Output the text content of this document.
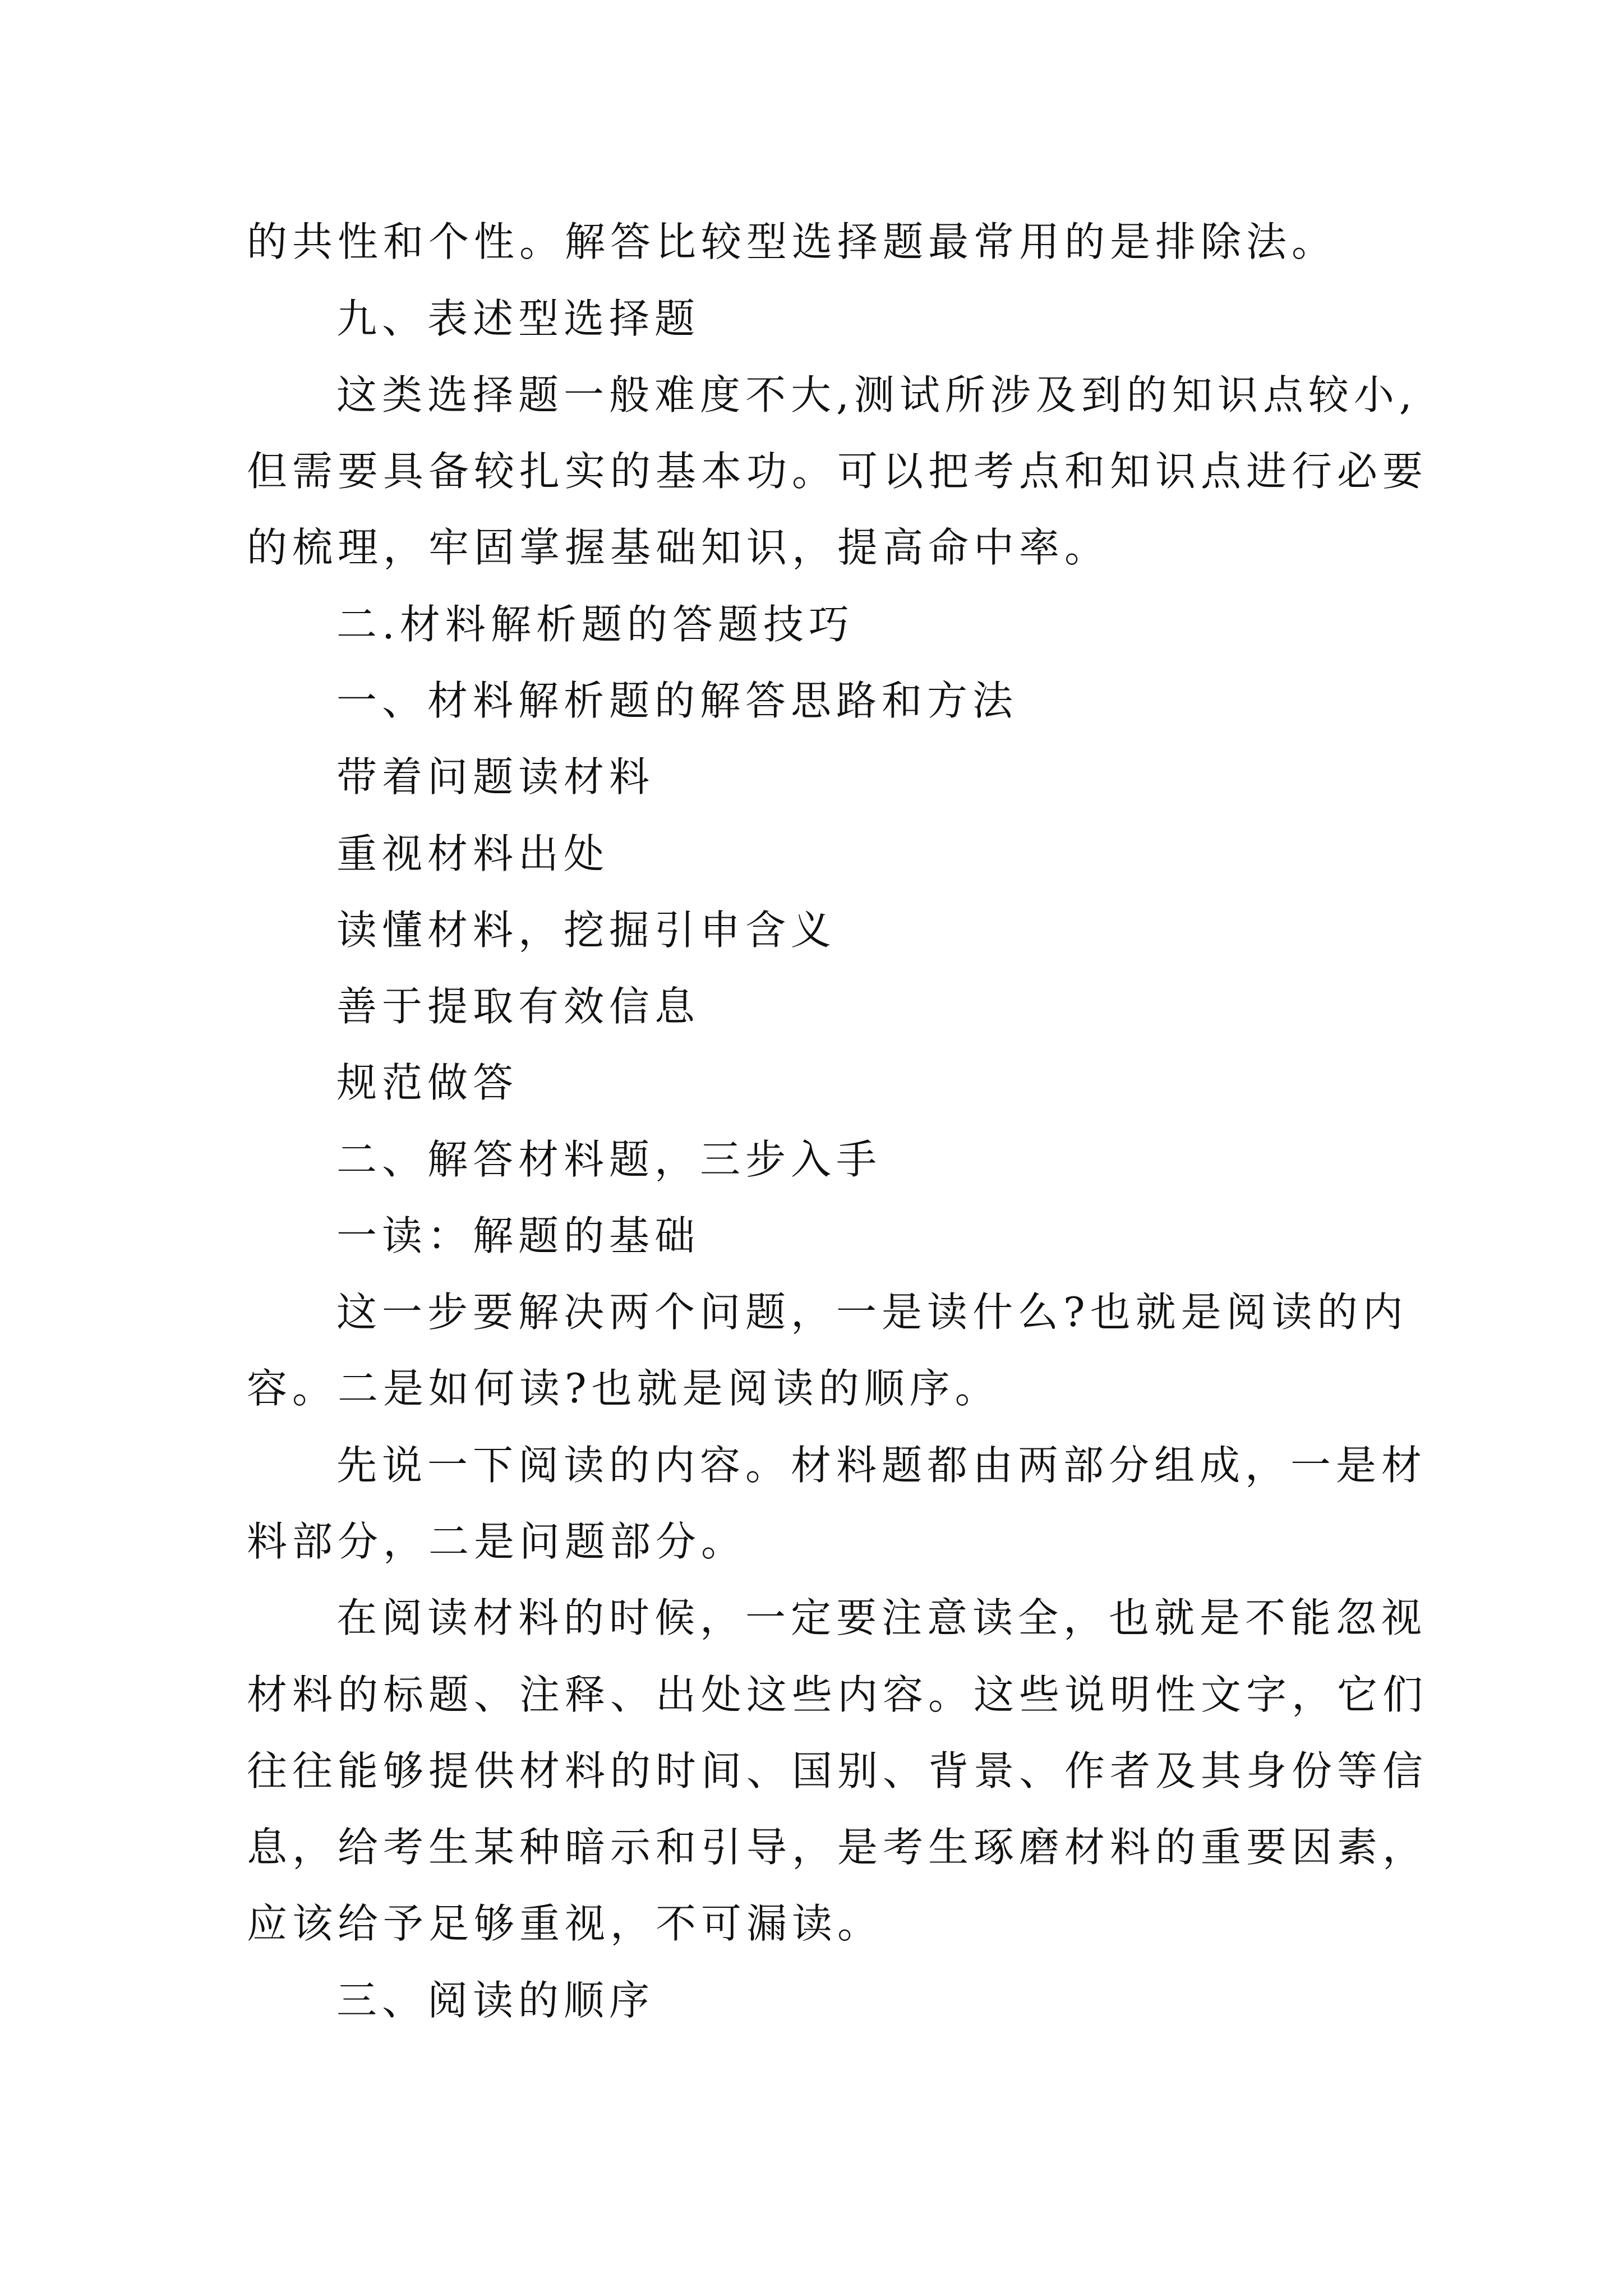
的共性和个性。解答比较型选择题最常用的是排除法。
九、表述型选择题
这类选择题一般难度不大,测试所涉及到的知识点较小,
但需要具备较扎实的基本功。可以把考点和知识点进行必要
的梳理，牢固掌握基础知识，提高命中率。
二.材料解析题的答题技巧
一、材料解析题的解答思路和方法
带着问题读材料
重视材料出处
读懂材料，挖掘引申含义
善于提取有效信息
规范做答
二、解答材料题，三步入手
一读：解题的基础
这一步要解决两个问题，一是读什么?也就是阅读的内
容。二是如何读?也就是阅读的顺序。
先说一下阅读的内容。材料题都由两部分组成，一是材
料部分，二是问题部分。
在阅读材料的时候，一定要注意读全，也就是不能忽视
材料的标题、注释、出处这些内容。这些说明性文字，它们
往往能够提供材料的时间、国别、背景、作者及其身份等信
息，给考生某种暗示和引导，是考生琢磨材料的重要因素，
应该给予足够重视，不可漏读。
三、阅读的顺序
